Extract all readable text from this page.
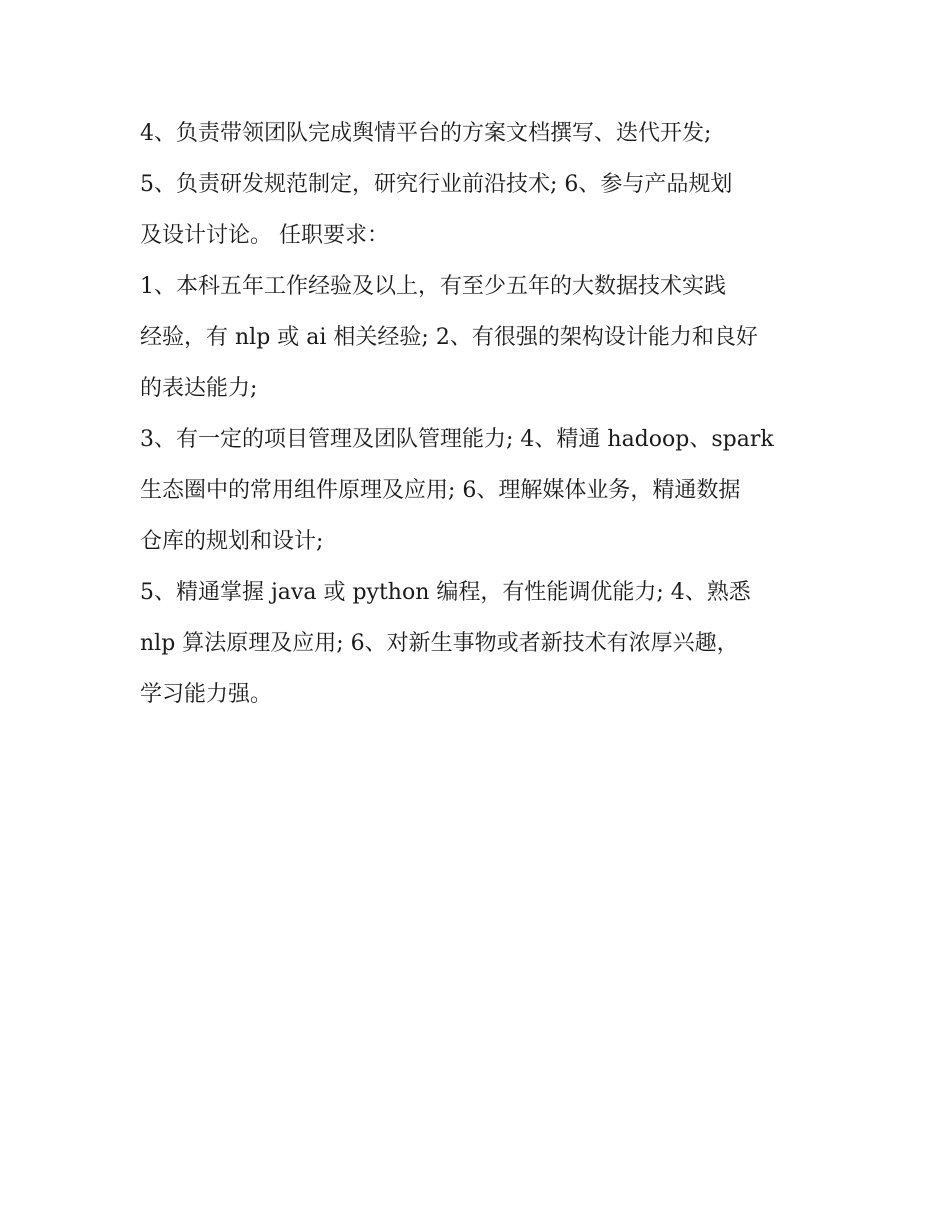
4、负责带领团队完成舆情平台的方案文档撰写、迭代开发;
5、负责研发规范制定，研究行业前沿技术; 6、参与产品规划
及设计讨论。 任职要求：
1、本科五年工作经验及以上，有至少五年的大数据技术实践
经验，有 nlp 或 ai 相关经验; 2、有很强的架构设计能力和良好
的表达能力;
3、有一定的项目管理及团队管理能力; 4、精通 hadoop、spark
生态圈中的常用组件原理及应用; 6、理解媒体业务，精通数据
仓库的规划和设计;
5、精通掌握 java 或 python 编程，有性能调优能力; 4、熟悉
nlp 算法原理及应用; 6、对新生事物或者新技术有浓厚兴趣，
学习能力强。
